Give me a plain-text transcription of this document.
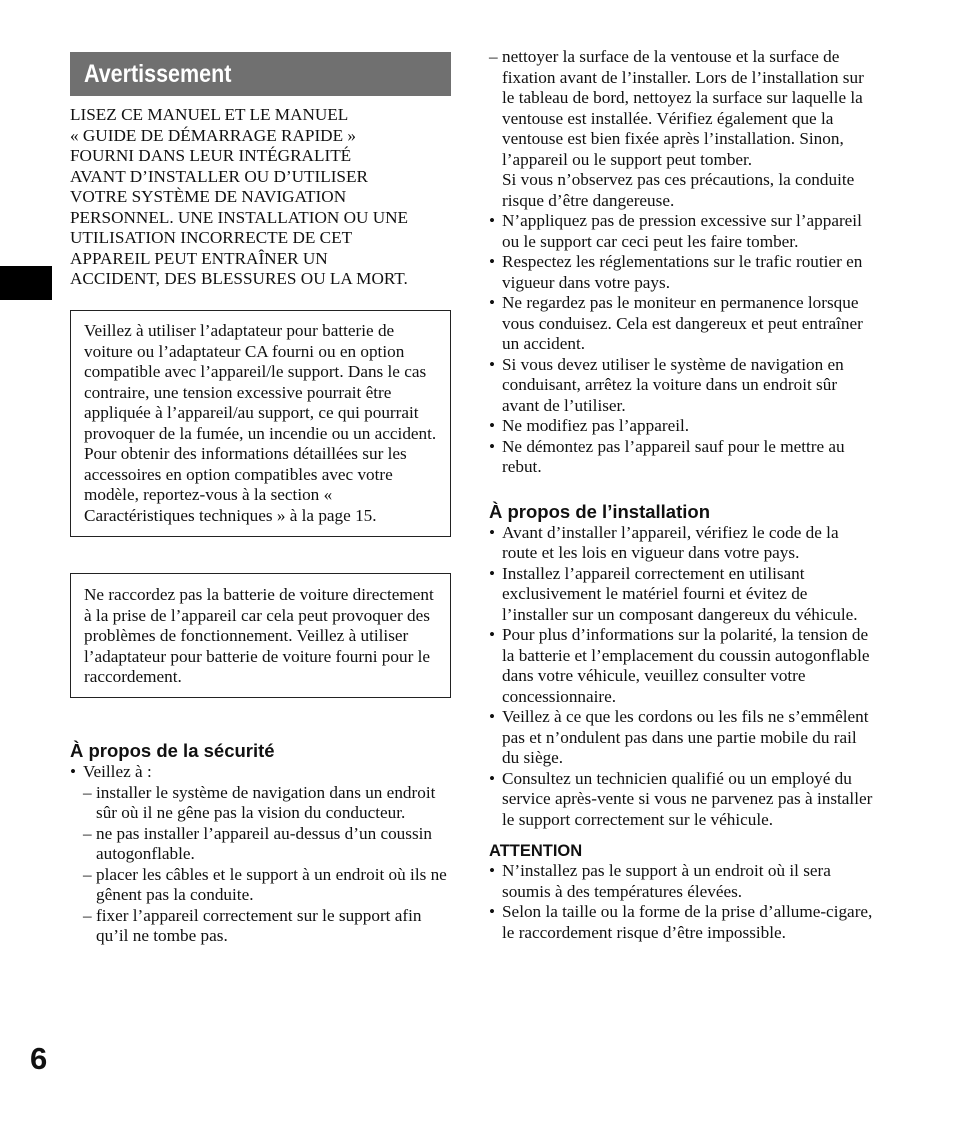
Avertissement

LISEZ CE MANUEL ET LE MANUEL
« GUIDE DE DÉMARRAGE RAPIDE »
FOURNI DANS LEUR INTÉGRALITÉ
AVANT D’INSTALLER OU D’UTILISER
VOTRE SYSTÈME DE NAVIGATION
PERSONNEL. UNE INSTALLATION OU UNE
UTILISATION INCORRECTE DE CET
APPAREIL PEUT ENTRAÎNER UN
ACCIDENT, DES BLESSURES OU LA MORT.

Veillez à utiliser l’adaptateur pour batterie de voiture ou l’adaptateur CA fourni ou en option compatible avec l’appareil/le support. Dans le cas contraire, une tension excessive pourrait être appliquée à l’appareil/au support, ce qui pourrait provoquer de la fumée, un incendie ou un accident.

Pour obtenir des informations détaillées sur les accessoires en option compatibles avec votre modèle, reportez-vous à la section « Caractéristiques techniques » à la page 15.

Ne raccordez pas la batterie de voiture directement à la prise de l’appareil car cela peut provoquer des problèmes de fonctionnement. Veillez à utiliser l’adaptateur pour batterie de voiture fourni pour le raccordement.

À propos de la sécurité
• Veillez à :
– installer le système de navigation dans un endroit sûr où il ne gêne pas la vision du conducteur.
– ne pas installer l’appareil au-dessus d’un coussin autogonflable.
– placer les câbles et le support à un endroit où ils ne gênent pas la conduite.
– fixer l’appareil correctement sur le support afin qu’il ne tombe pas.
– nettoyer la surface de la ventouse et la surface de fixation avant de l’installer. Lors de l’installation sur le tableau de bord, nettoyez la surface sur laquelle la ventouse est installée. Vérifiez également que la ventouse est bien fixée après l’installation. Sinon, l’appareil ou le support peut tomber.

Si vous n’observez pas ces précautions, la conduite risque d’être dangereuse.

• N’appliquez pas de pression excessive sur l’appareil ou le support car ceci peut les faire tomber.
• Respectez les réglementations sur le trafic routier en vigueur dans votre pays.
• Ne regardez pas le moniteur en permanence lorsque vous conduisez. Cela est dangereux et peut entraîner un accident.
• Si vous devez utiliser le système de navigation en conduisant, arrêtez la voiture dans un endroit sûr avant de l’utiliser.
• Ne modifiez pas l’appareil.
• Ne démontez pas l’appareil sauf pour le mettre au rebut.
À propos de l’installation
• Avant d’installer l’appareil, vérifiez le code de la route et les lois en vigueur dans votre pays.
• Installez l’appareil correctement en utilisant exclusivement le matériel fourni et évitez de l’installer sur un composant dangereux du véhicule.
• Pour plus d’informations sur la polarité, la tension de la batterie et l’emplacement du coussin autogonflable dans votre véhicule, veuillez consulter votre concessionnaire.
• Veillez à ce que les cordons ou les fils ne s’emmêlent pas et n’ondulent pas dans une partie mobile du rail du siège.
• Consultez un technicien qualifié ou un employé du service après-vente si vous ne parvenez pas à installer le support correctement sur le véhicule.
ATTENTION
• N’installez pas le support à un endroit où il sera soumis à des températures élevées.
• Selon la taille ou la forme de la prise d’allume-cigare, le raccordement risque d’être impossible.
6
